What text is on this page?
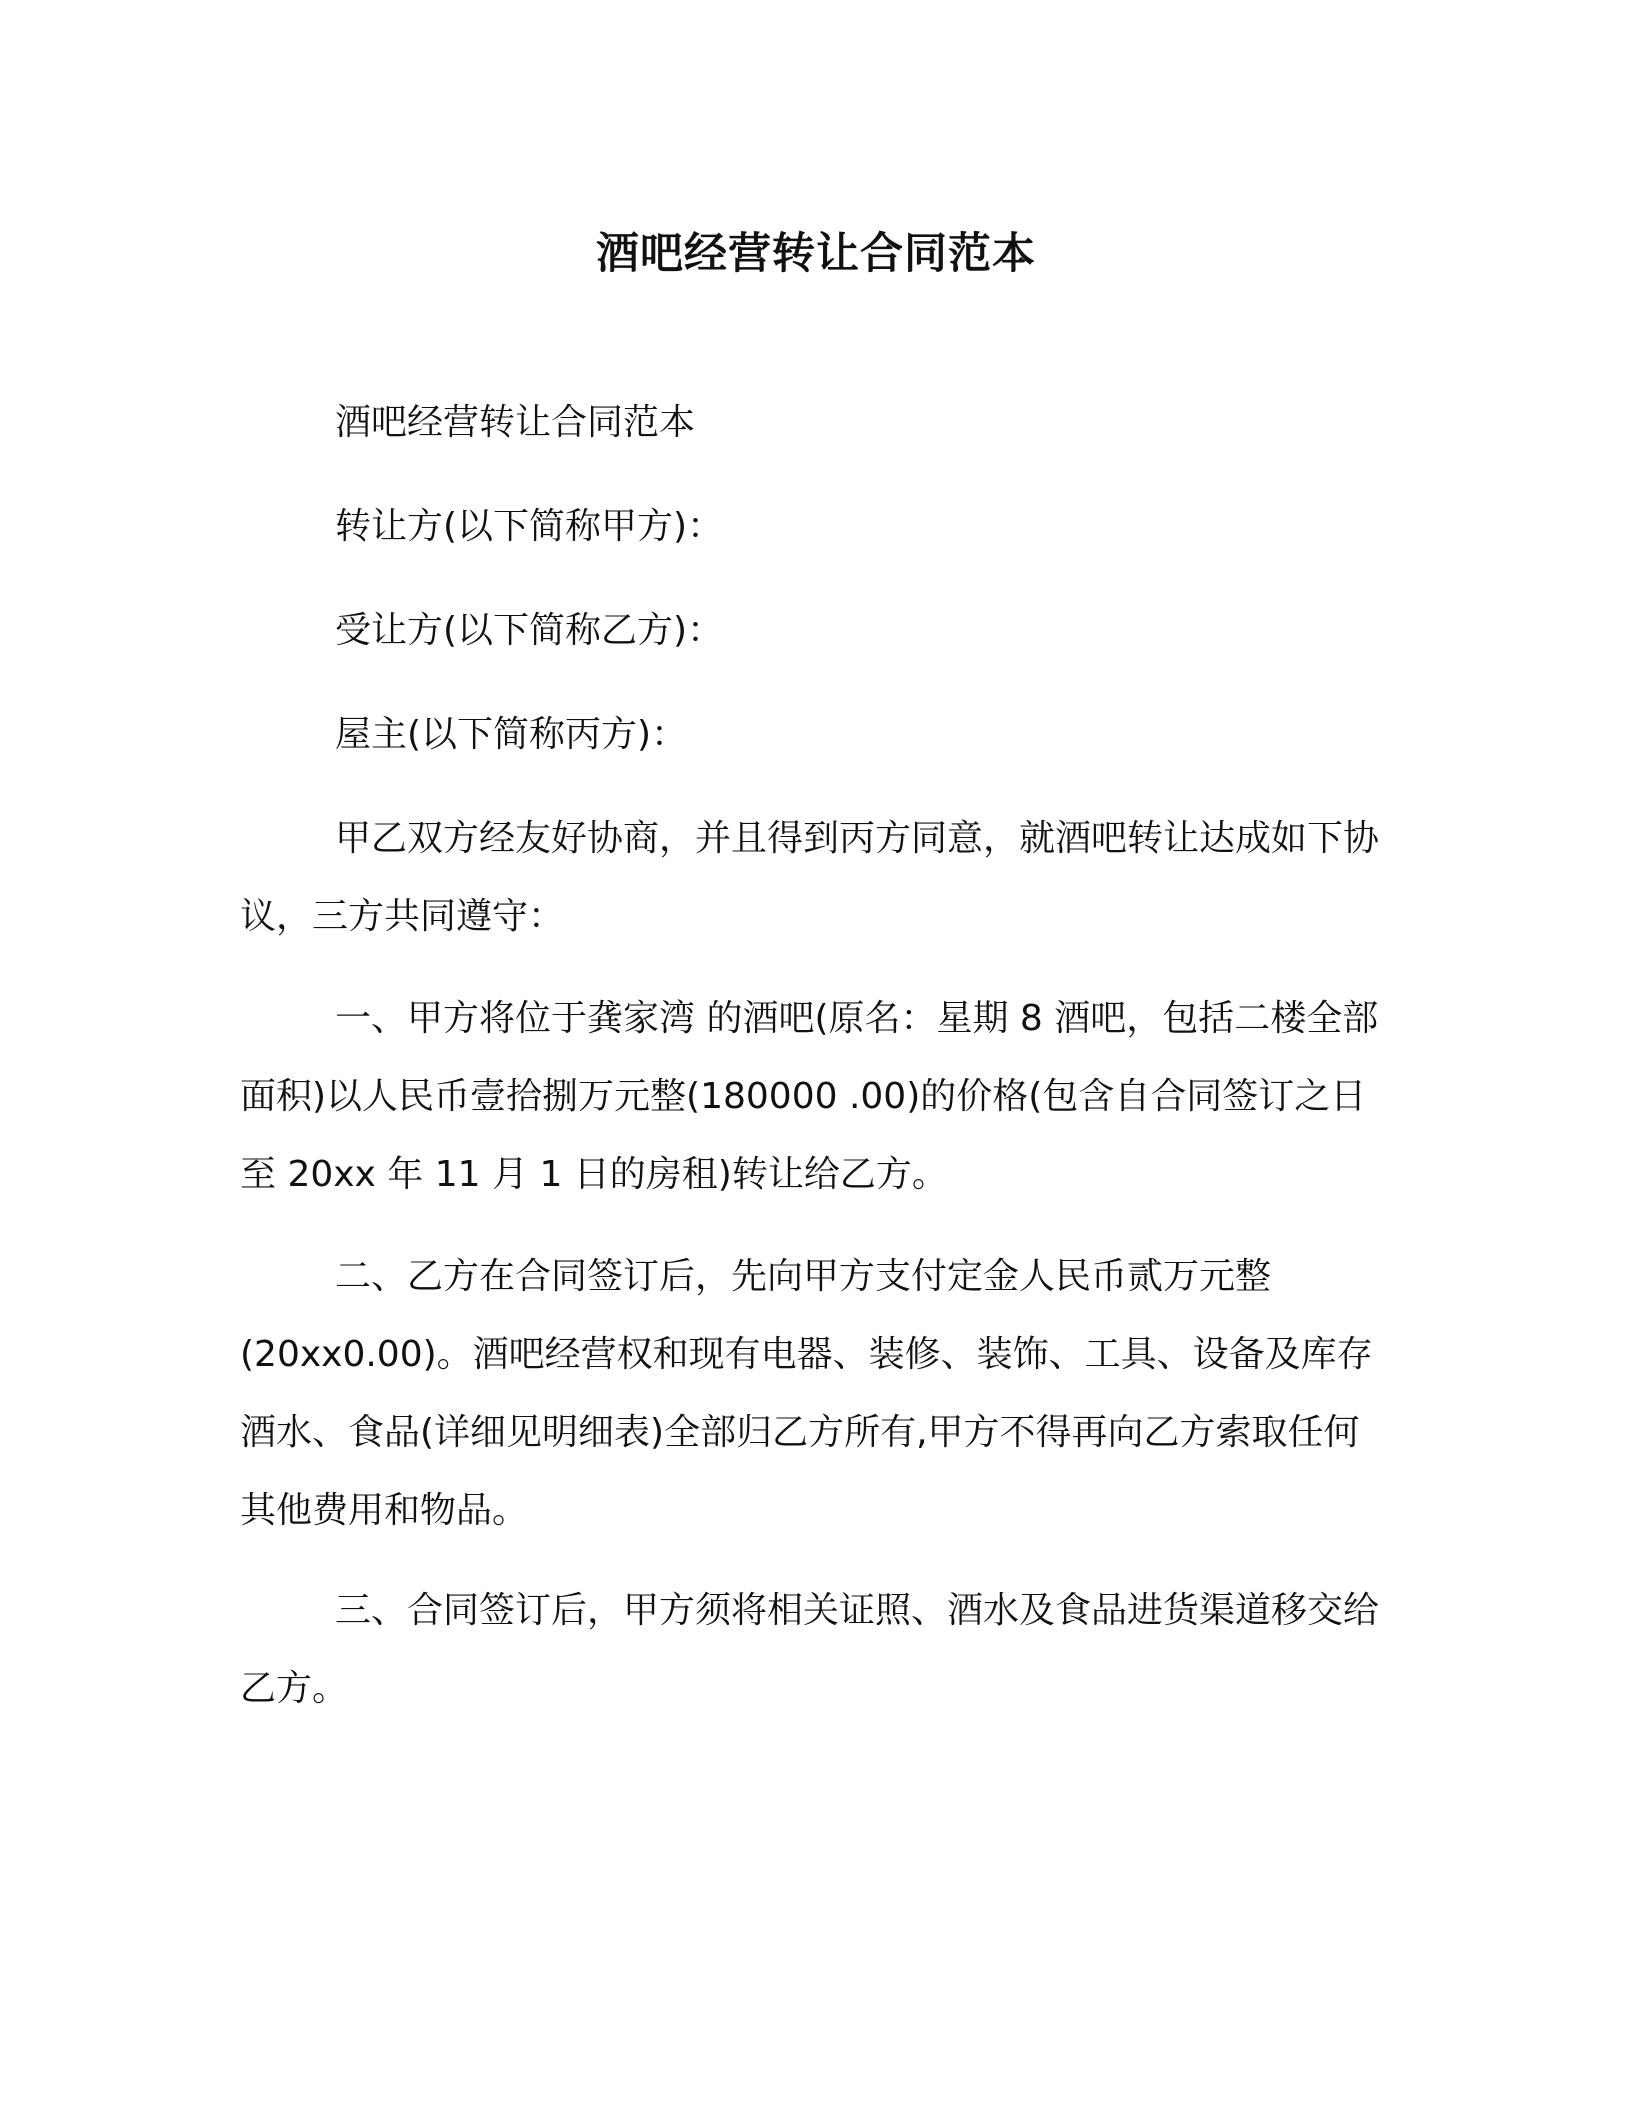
酒吧经营转让合同范本

酒吧经营转让合同范本

转让方(以下简称甲方)：

受让方(以下简称乙方)：

屋主(以下简称丙方)：

甲乙双方经友好协商，并且得到丙方同意，就酒吧转让达成如下协议，三方共同遵守：

一、甲方将位于龚家湾 的酒吧(原名：星期 8 酒吧，包括二楼全部面积)以人民币壹拾捌万元整(180000 .00)的价格(包含自合同签订之日至 20xx 年 11 月 1 日的房租)转让给乙方。

二、乙方在合同签订后，先向甲方支付定金人民币贰万元整(20xx0.00)。酒吧经营权和现有电器、装修、装饰、工具、设备及库存酒水、食品(详细见明细表)全部归乙方所有,甲方不得再向乙方索取任何其他费用和物品。

三、合同签订后，甲方须将相关证照、酒水及食品进货渠道移交给乙方。
